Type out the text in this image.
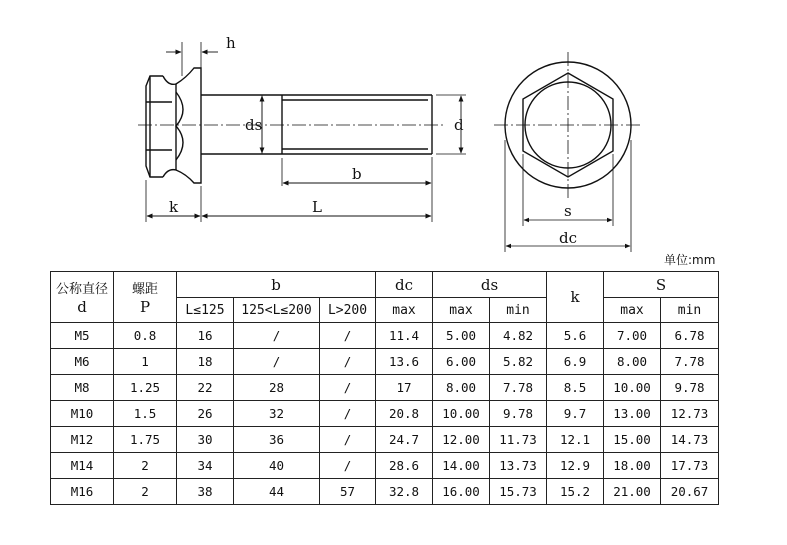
h
ds	d
b
k	L	s
dc
单位:mm
公称直径
d	螺距
P	b			dc	ds		k	S	
		L≤125	125<L≤200	L>200	max	max	min		max	min
M5	0.8	16	/	/	11.4	5.00	4.82	5.6	7.00	6.78
M6	1	18	/	/	13.6	6.00	5.82	6.9	8.00	7.78
M8	1.25	22	28	/	17	8.00	7.78	8.5	10.00	9.78
M10	1.5	26	32	/	20.8	10.00	9.78	9.7	13.00	12.73
M12	1.75	30	36	/	24.7	12.00	11.73	12.1	15.00	14.73
M14	2	34	40	/	28.6	14.00	13.73	12.9	18.00	17.73
M16	2	38	44	57	32.8	16.00	15.73	15.2	21.00	20.67
